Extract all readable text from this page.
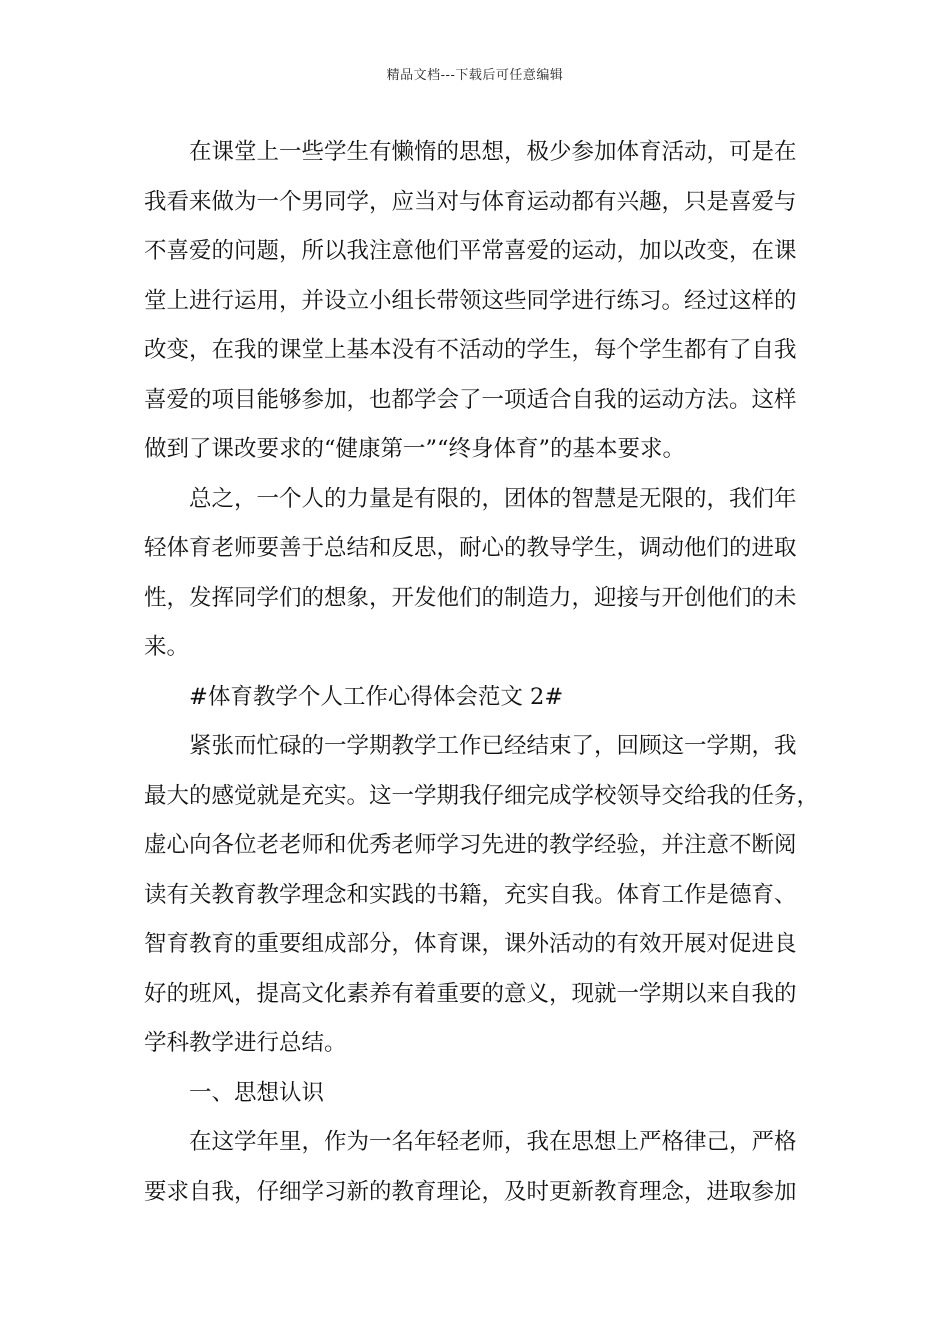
精品文档---下载后可任意编辑
在课堂上一些学生有懒惰的思想，极少参加体育活动，可是在
我看来做为一个男同学，应当对与体育运动都有兴趣，只是喜爱与
不喜爱的问题，所以我注意他们平常喜爱的运动，加以改变，在课
堂上进行运用，并设立小组长带领这些同学进行练习。经过这样的
改变，在我的课堂上基本没有不活动的学生，每个学生都有了自我
喜爱的项目能够参加，也都学会了一项适合自我的运动方法。这样
做到了课改要求的“健康第一”“终身体育”的基本要求。
总之，一个人的力量是有限的，团体的智慧是无限的，我们年
轻体育老师要善于总结和反思，耐心的教导学生，调动他们的进取
性，发挥同学们的想象，开发他们的制造力，迎接与开创他们的未
来。
#体育教学个人工作心得体会范文 2#
紧张而忙碌的一学期教学工作已经结束了，回顾这一学期，我
最大的感觉就是充实。这一学期我仔细完成学校领导交给我的任务，
虚心向各位老老师和优秀老师学习先进的教学经验，并注意不断阅
读有关教育教学理念和实践的书籍，充实自我。体育工作是德育、
智育教育的重要组成部分，体育课，课外活动的有效开展对促进良
好的班风，提高文化素养有着重要的意义，现就一学期以来自我的
学科教学进行总结。
一、思想认识
在这学年里，作为一名年轻老师，我在思想上严格律己，严格
要求自我，仔细学习新的教育理论，及时更新教育理念，进取参加
